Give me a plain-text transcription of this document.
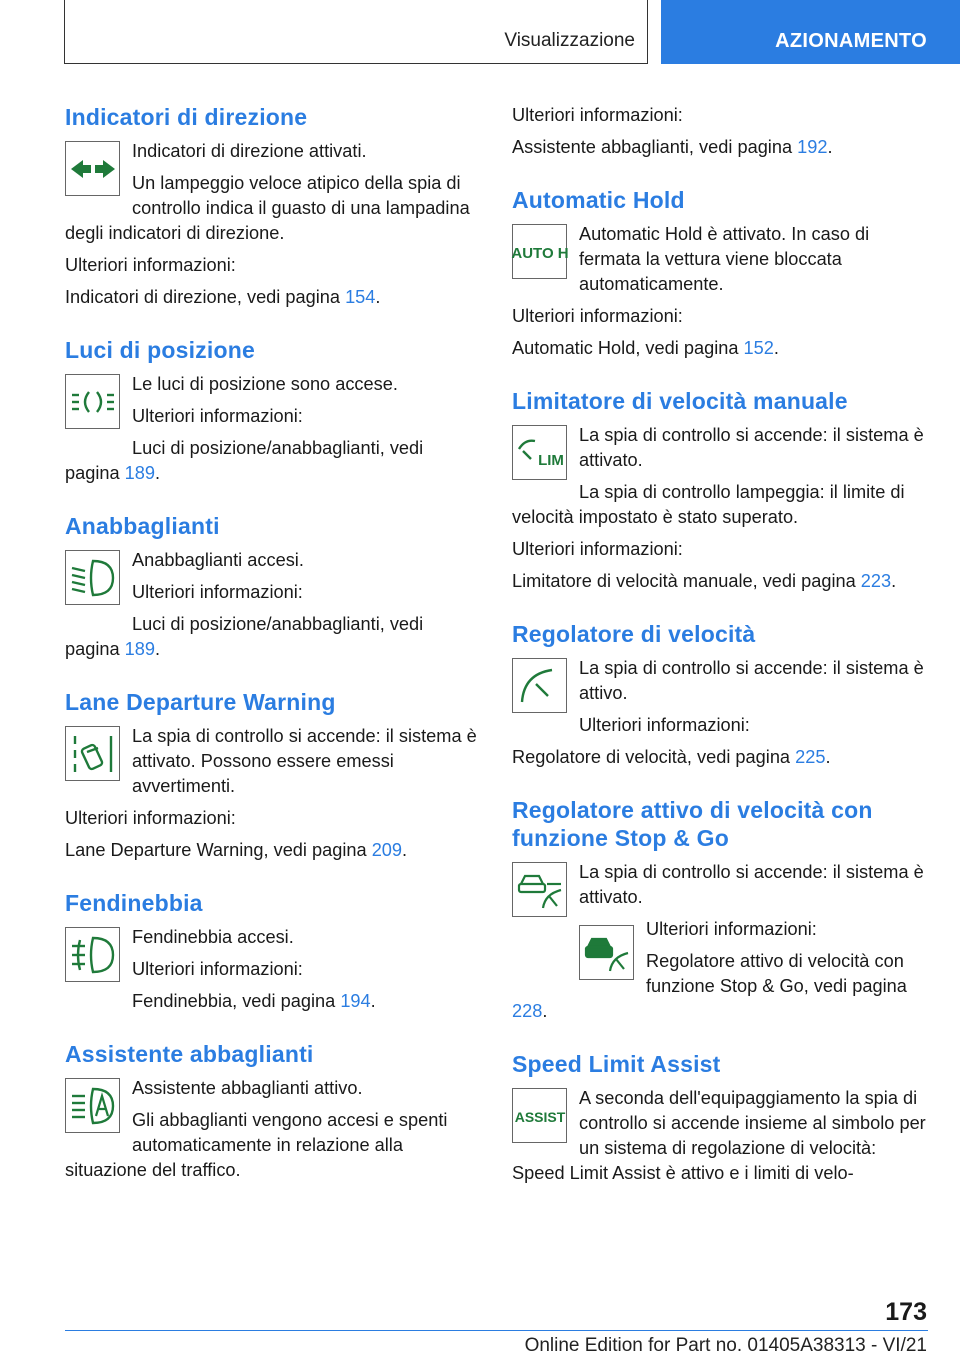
Visualizzazione	AZIONAMENTO
Indicatori di direzione

Indicatori di direzione attivati.

Un lampeggio veloce atipico della spia di controllo indica il guasto di una lampadina degli indicatori di direzione.

Ulteriori informazioni:

Indicatori di direzione, vedi pagina 154.

Luci di posizione

Le luci di posizione sono accese.

Ulteriori informazioni:

Luci di posizione/anabbaglianti, vedi pagina 189.

Anabbaglianti

Anabbaglianti accesi.

Ulteriori informazioni:

Luci di posizione/anabbaglianti, vedi pagina 189.

Lane Departure Warning

La spia di controllo si accende: il sistema è attivato. Possono essere emessi avvertimenti.

Ulteriori informazioni:

Lane Departure Warning, vedi pagina 209.

Fendinebbia

Fendinebbia accesi.

Ulteriori informazioni:

Fendinebbia, vedi pagina 194.

Assistente abbaglianti

Assistente abbaglianti attivo.

Gli abbaglianti vengono accesi e spenti automaticamente in relazione alla situazione del traffico.

Ulteriori informazioni:

Assistente abbaglianti, vedi pagina 192.

Automatic Hold
AUTO H

Automatic Hold è attivato. In caso di fermata la vettura viene bloccata automaticamente.

Ulteriori informazioni:

Automatic Hold, vedi pagina 152.

Limitatore di velocità manuale
LIM

La spia di controllo si accende: il sistema è attivato.

La spia di controllo lampeggia: il limite di velocità impostato è stato superato.

Ulteriori informazioni:

Limitatore di velocità manuale, vedi pagina 223.

Regolatore di velocità

La spia di controllo si accende: il sistema è attivo.

Ulteriori informazioni:

Regolatore di velocità, vedi pagina 225.

Regolatore attivo di velocità con funzione Stop & Go

La spia di controllo si accende: il sistema è attivato.

Ulteriori informazioni:

Regolatore attivo di velocità con funzione Stop & Go, vedi pagina 228.

Speed Limit Assist
ASSIST

A seconda dell'equipaggiamento la spia di controllo si accende insieme al simbolo per un sistema di regolazione di velocità: Speed Limit Assist è attivo e i limiti di velo-

173
Online Edition for Part no. 01405A38313 - VI/21
